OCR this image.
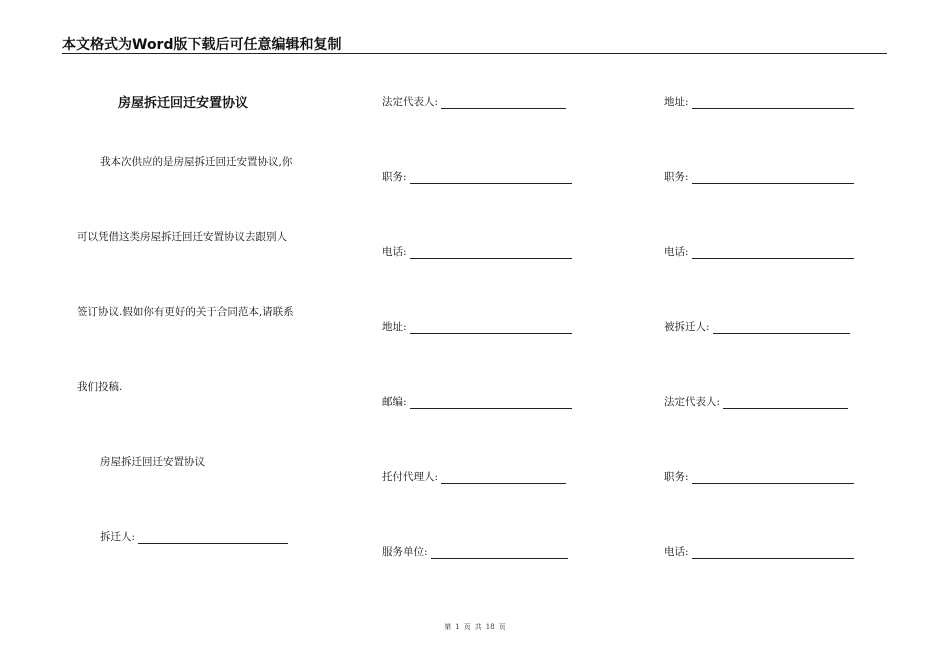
本文格式为Word版下载后可任意编辑和复制
房屋拆迁回迁安置协议
我本次供应的是房屋拆迁回迁安置协议,你
可以凭借这类房屋拆迁回迁安置协议去跟别人
签订协议.假如你有更好的关于合同范本,请联系
我们投稿.
房屋拆迁回迁安置协议
拆迁人:
法定代表人:
职务:
电话:
地址:
邮编:
托付代理人:
服务单位:
地址:
职务:
电话:
被拆迁人:
法定代表人:
职务:
电话:
第 1 页 共 18 页
